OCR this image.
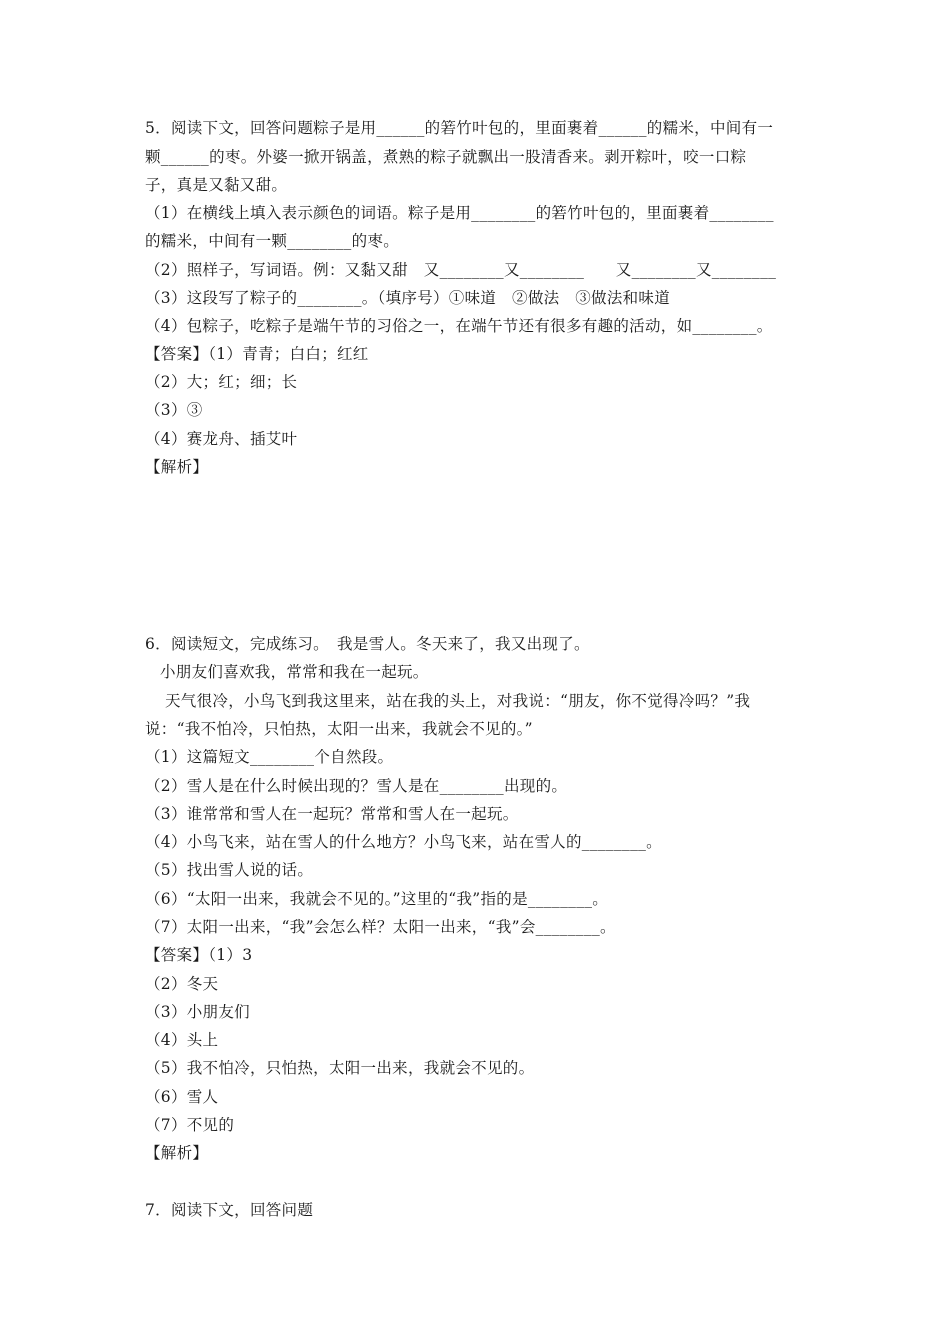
5．阅读下文，回答问题粽子是用______的箬竹叶包的，里面裹着______的糯米，中间有一
颗______的枣。外婆一掀开锅盖，煮熟的粽子就飘出一股清香来。剥开粽叶，咬一口粽
子，真是又黏又甜。
（1）在横线上填入表示颜色的词语。粽子是用________的箬竹叶包的，里面裹着________
的糯米，中间有一颗________的枣。
（2）照样子，写词语。例：又黏又甜　又________又________　　又________又________
（3）这段写了粽子的________。（填序号）①味道　②做法　③做法和味道
（4）包粽子，吃粽子是端午节的习俗之一，在端午节还有很多有趣的活动，如________。
【答案】（1）青青；白白；红红
（2）大；红；细；长
（3）③
（4）赛龙舟、插艾叶
【解析】
6．阅读短文，完成练习。　我是雪人。冬天来了，我又出现了。
小朋友们喜欢我，常常和我在一起玩。
天气很冷，小鸟飞到我这里来，站在我的头上，对我说：“朋友，你不觉得冷吗？”我
说：“我不怕冷，只怕热，太阳一出来，我就会不见的。”
（1）这篇短文________个自然段。
（2）雪人是在什么时候出现的？雪人是在________出现的。
（3）谁常常和雪人在一起玩？常常和雪人在一起玩。
（4）小鸟飞来，站在雪人的什么地方？小鸟飞来，站在雪人的________。
（5）找出雪人说的话。
（6）“太阳一出来，我就会不见的。”这里的“我”指的是________。
（7）太阳一出来，“我”会怎么样？太阳一出来，“我”会________。
【答案】（1）3
（2）冬天
（3）小朋友们
（4）头上
（5）我不怕冷，只怕热，太阳一出来，我就会不见的。
（6）雪人
（7）不见的
【解析】
7．阅读下文，回答问题
